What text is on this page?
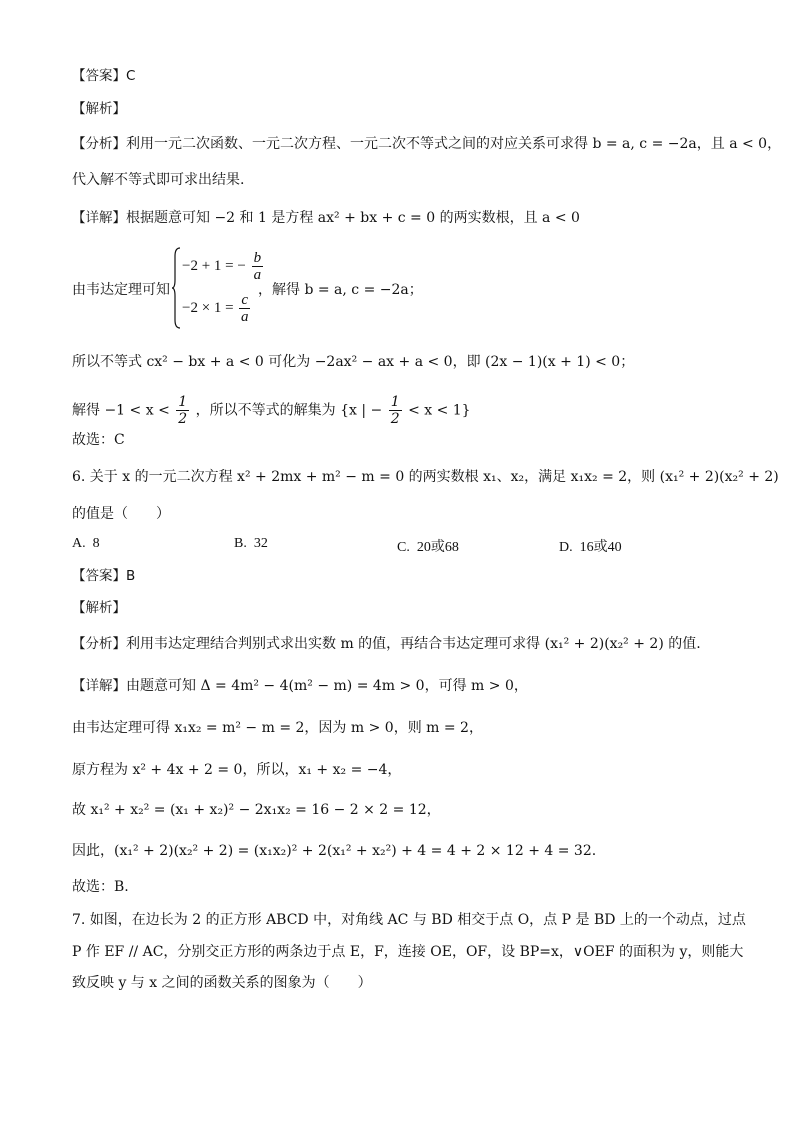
【答案】C
【解析】
【分析】利用一元二次函数、一元二次方程、一元二次不等式之间的对应关系可求得 b = a, c = −2a，且 a < 0，
代入解不等式即可求出结果.
【详解】根据题意可知 −2 和 1 是方程 ax² + bx + c = 0 的两实数根，且 a < 0
由韦达定理可知
−2 + 1 = − $\frac{b}{a}$
$-2 \times 1 = \frac{c}{a}$
，解得 b = a, c = −2a；
所以不等式 cx² − bx + a < 0 可化为 −2ax² − ax + a < 0，即 (2x − 1)(x + 1) < 0；
解得 $-1 < x < \frac{1}{2}$ ，所以不等式的解集为 {x | − $\frac{1}{2} < x < 1$}
故选：C
6. 关于 x 的一元二次方程 x² + 2mx + m² − m = 0 的两实数根 x₁、x₂，满足 x₁x₂ = 2，则 (x₁² + 2)(x₂² + 2)
的值是（　　）
A. 8	B. 32	C. 20或68	D. 16或40
【答案】B
【解析】
【分析】利用韦达定理结合判别式求出实数 m 的值，再结合韦达定理可求得 (x₁² + 2)(x₂² + 2) 的值.
【详解】由题意可知 Δ = 4m² − 4(m² − m) = 4m > 0，可得 m > 0，
由韦达定理可得 x₁x₂ = m² − m = 2，因为 m > 0，则 m = 2，
原方程为 x² + 4x + 2 = 0，所以，x₁ + x₂ = −4，
故 x₁² + x₂² = (x₁ + x₂)² − 2x₁x₂ = 16 − 2 × 2 = 12，
因此，(x₁² + 2)(x₂² + 2) = (x₁x₂)² + 2(x₁² + x₂²) + 4 = 4 + 2 × 12 + 4 = 32.
故选：B.
7. 如图，在边长为 2 的正方形 ABCD 中，对角线 AC 与 BD 相交于点 O，点 P 是 BD 上的一个动点，过点
P 作 EF // AC，分别交正方形的两条边于点 E，F，连接 OE，OF，设 BP=x，∨OEF 的面积为 y，则能大
致反映 y 与 x 之间的函数关系的图象为（　　）
